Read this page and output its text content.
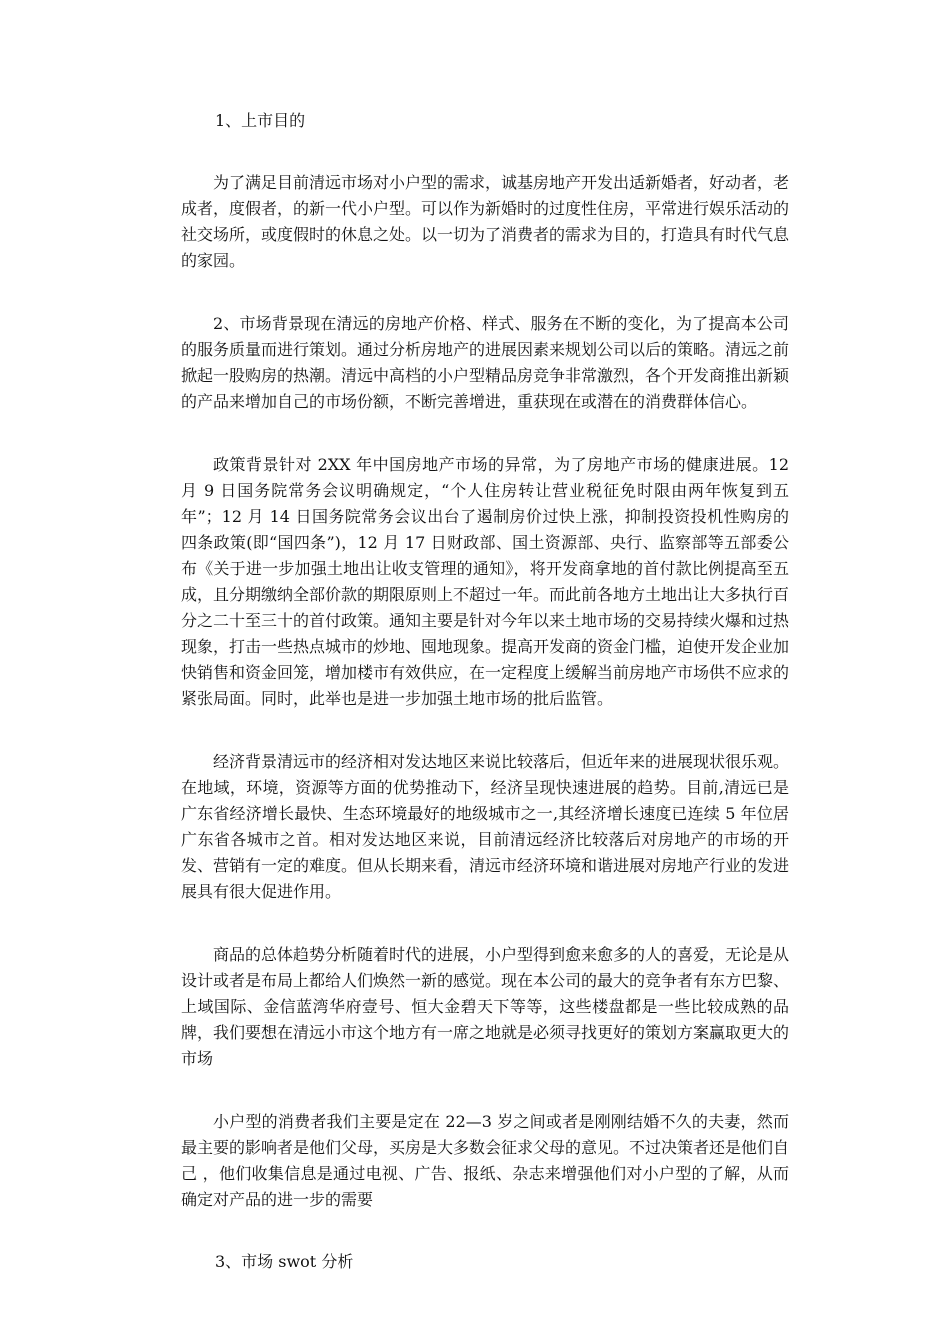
1、上市目的

为了满足目前清远市场对小户型的需求，诚基房地产开发出适新婚者，好动者，老成者，度假者，的新一代小户型。可以作为新婚时的过度性住房，平常进行娱乐活动的社交场所，或度假时的休息之处。以一切为了消费者的需求为目的，打造具有时代气息的家园。

2、市场背景现在清远的房地产价格、样式、服务在不断的变化，为了提高本公司的服务质量而进行策划。通过分析房地产的进展因素来规划公司以后的策略。清远之前掀起一股购房的热潮。清远中高档的小户型精品房竞争非常激烈，各个开发商推出新颖的产品来增加自己的市场份额，不断完善增进，重获现在或潜在的消费群体信心。

政策背景针对 2XX 年中国房地产市场的异常，为了房地产市场的健康进展。12 月 9 日国务院常务会议明确规定，“个人住房转让营业税征免时限由两年恢复到五年”；12 月 14 日国务院常务会议出台了遏制房价过快上涨，抑制投资投机性购房的四条政策(即“国四条”)，12 月 17 日财政部、国土资源部、央行、监察部等五部委公布《关于进一步加强土地出让收支管理的通知》，将开发商拿地的首付款比例提高至五成，且分期缴纳全部价款的期限原则上不超过一年。而此前各地方土地出让大多执行百分之二十至三十的首付政策。通知主要是针对今年以来土地市场的交易持续火爆和过热现象，打击一些热点城市的炒地、囤地现象。提高开发商的资金门槛，迫使开发企业加快销售和资金回笼，增加楼市有效供应，在一定程度上缓解当前房地产市场供不应求的紧张局面。同时，此举也是进一步加强土地市场的批后监管。

经济背景清远市的经济相对发达地区来说比较落后，但近年来的进展现状很乐观。在地域，环境，资源等方面的优势推动下，经济呈现快速进展的趋势。目前,清远已是广东省经济增长最快、生态环境最好的地级城市之一,其经济增长速度已连续 5 年位居广东省各城市之首。相对发达地区来说，目前清远经济比较落后对房地产的市场的开发、营销有一定的难度。但从长期来看，清远市经济环境和谐进展对房地产行业的发进展具有很大促进作用。

商品的总体趋势分析随着时代的进展，小户型得到愈来愈多的人的喜爱，无论是从设计或者是布局上都给人们焕然一新的感觉。现在本公司的最大的竞争者有东方巴黎、上域国际、金信蓝湾华府壹号、恒大金碧天下等等，这些楼盘都是一些比较成熟的品牌，我们要想在清远小市这个地方有一席之地就是必须寻找更好的策划方案赢取更大的市场

小户型的消费者我们主要是定在 22—3 岁之间或者是刚刚结婚不久的夫妻，然而最主要的影响者是他们父母，买房是大多数会征求父母的意见。不过决策者还是他们自己 ，他们收集信息是通过电视、广告、报纸、杂志来增强他们对小户型的了解，从而确定对产品的进一步的需要

3、市场 swot 分析
